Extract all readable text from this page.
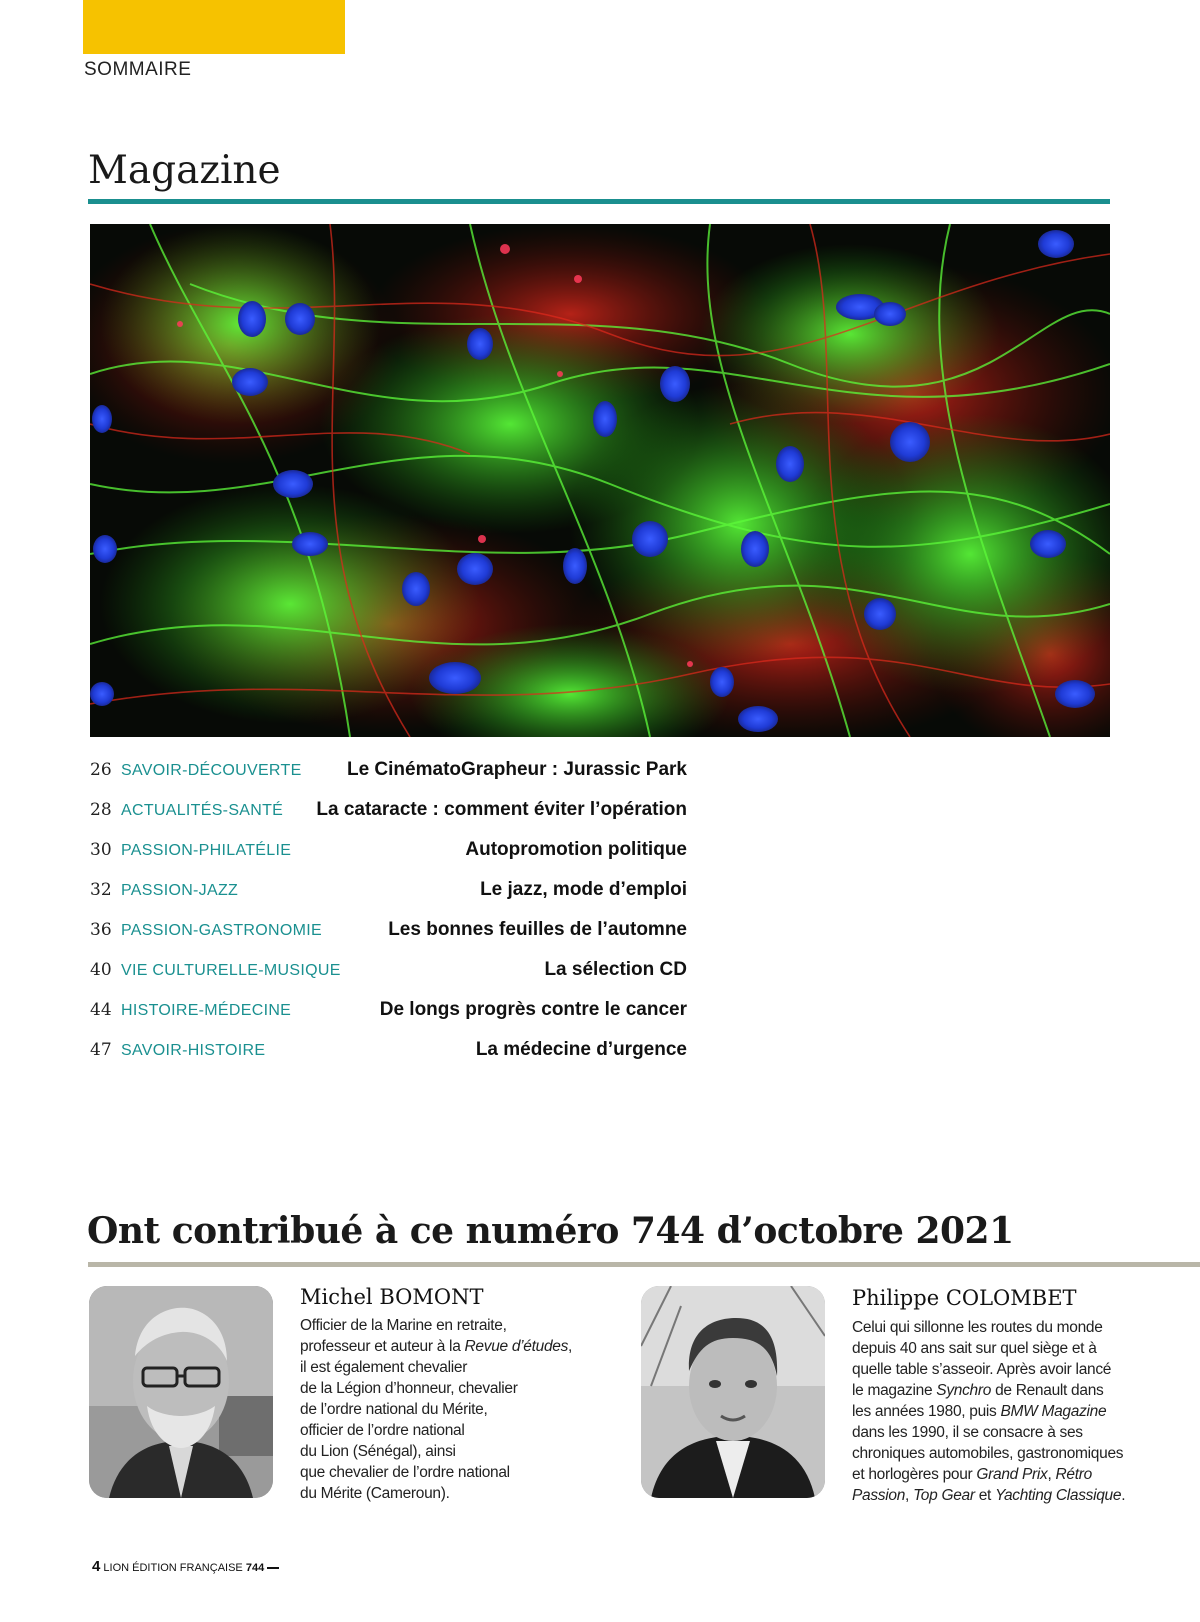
SOMMAIRE
Magazine
26 SAVOIR-DÉCOUVERTE Le CinématoGrapheur : Jurassic Park
28 ACTUALITÉS-SANTÉ La cataracte : comment éviter l’opération
30 PASSION-PHILATÉLIE	Autopromotion politique
32 PASSION-JAZZ	Le jazz, mode d’emploi
36 PASSION-GASTRONOMIE	Les bonnes feuilles de l’automne
40 VIE CULTURELLE-MUSIQUE	La sélection CD
44 HISTOIRE-MÉDECINE	De longs progrès contre le cancer
47 SAVOIR-HISTOIRE	La médecine d’urgence
Ont contribué à ce numéro 744 d’octobre 2021
Michel BOMONT
Officier de la Marine en retraite,
professeur et auteur à la Revue d’études,
il est également chevalier
de la Légion d’honneur, chevalier
de l’ordre national du Mérite,
officier de l’ordre national
du Lion (Sénégal), ainsi
que chevalier de l’ordre national
du Mérite (Cameroun).
Philippe COLOMBET
Celui qui sillonne les routes du monde
depuis 40 ans sait sur quel siège et à
quelle table s’asseoir. Après avoir lancé
le magazine Synchro de Renault dans
les années 1980, puis BMW Magazine
dans les 1990, il se consacre à ses
chroniques automobiles, gastronomiques
et horlogères pour Grand Prix, Rétro
Passion, Top Gear et Yachting Classique.
4 LION ÉDITION FRANÇAISE 744
